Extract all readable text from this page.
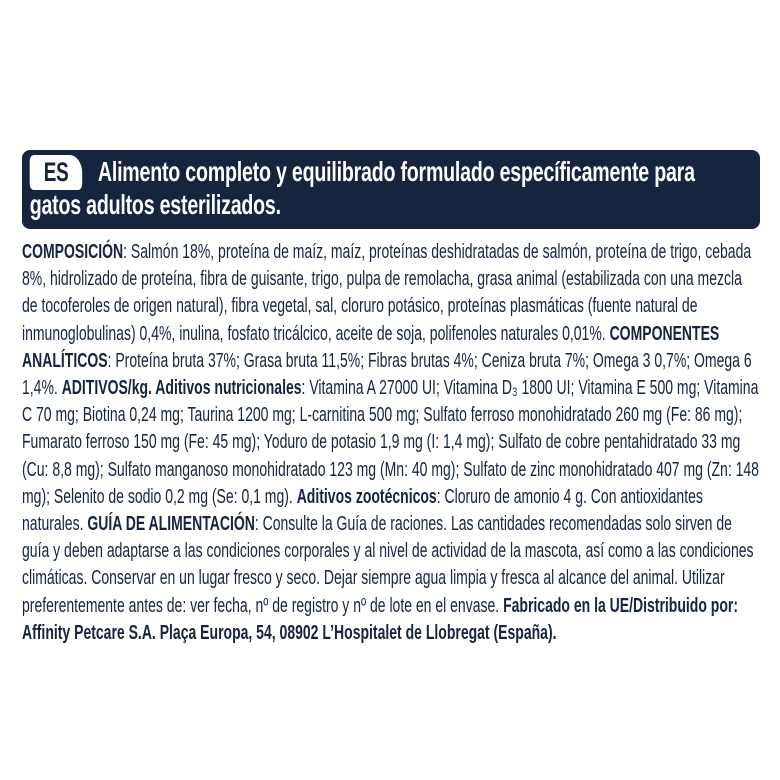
ES Alimento completo y equilibrado formulado específicamente para gatos adultos esterilizados.

COMPOSICIÓN: Salmón 18%, proteína de maíz, maíz, proteínas deshidratadas de salmón, proteína de trigo, cebada 8%, hidrolizado de proteína, fibra de guisante, trigo, pulpa de remolacha, grasa animal (estabilizada con una mezcla de tocoferoles de origen natural), fibra vegetal, sal, cloruro potásico, proteínas plasmáticas (fuente natural de inmunoglobulinas) 0,4%, inulina, fosfato tricálcico, aceite de soja, polifenoles naturales 0,01%. COMPONENTES ANALÍTICOS: Proteína bruta 37%; Grasa bruta 11,5%; Fibras brutas 4%; Ceniza bruta 7%; Omega 3 0,7%; Omega 6 1,4%. ADITIVOS/kg. Aditivos nutricionales: Vitamina A 27000 UI; Vitamina D₃ 1800 UI; Vitamina E 500 mg; Vitamina C 70 mg; Biotina 0,24 mg; Taurina 1200 mg; L-carnitina 500 mg; Sulfato ferroso monohidratado 260 mg (Fe: 86 mg); Fumarato ferroso 150 mg (Fe: 45 mg); Yoduro de potasio 1,9 mg (I: 1,4 mg); Sulfato de cobre pentahidratado 33 mg (Cu: 8,8 mg); Sulfato manganoso monohidratado 123 mg (Mn: 40 mg); Sulfato de zinc monohidratado 407 mg (Zn: 148 mg); Selenito de sodio 0,2 mg (Se: 0,1 mg). Aditivos zootécnicos: Cloruro de amonio 4 g. Con antioxidantes naturales. GUÍA DE ALIMENTACIÓN: Consulte la Guía de raciones. Las cantidades recomendadas solo sirven de guía y deben adaptarse a las condiciones corporales y al nivel de actividad de la mascota, así como a las condiciones climáticas. Conservar en un lugar fresco y seco. Dejar siempre agua limpia y fresca al alcance del animal. Utilizar preferentemente antes de: ver fecha, nº de registro y nº de lote en el envase. Fabricado en la UE/Distribuido por: Affinity Petcare S.A. Plaça Europa, 54, 08902 L’Hospitalet de Llobregat (España).
